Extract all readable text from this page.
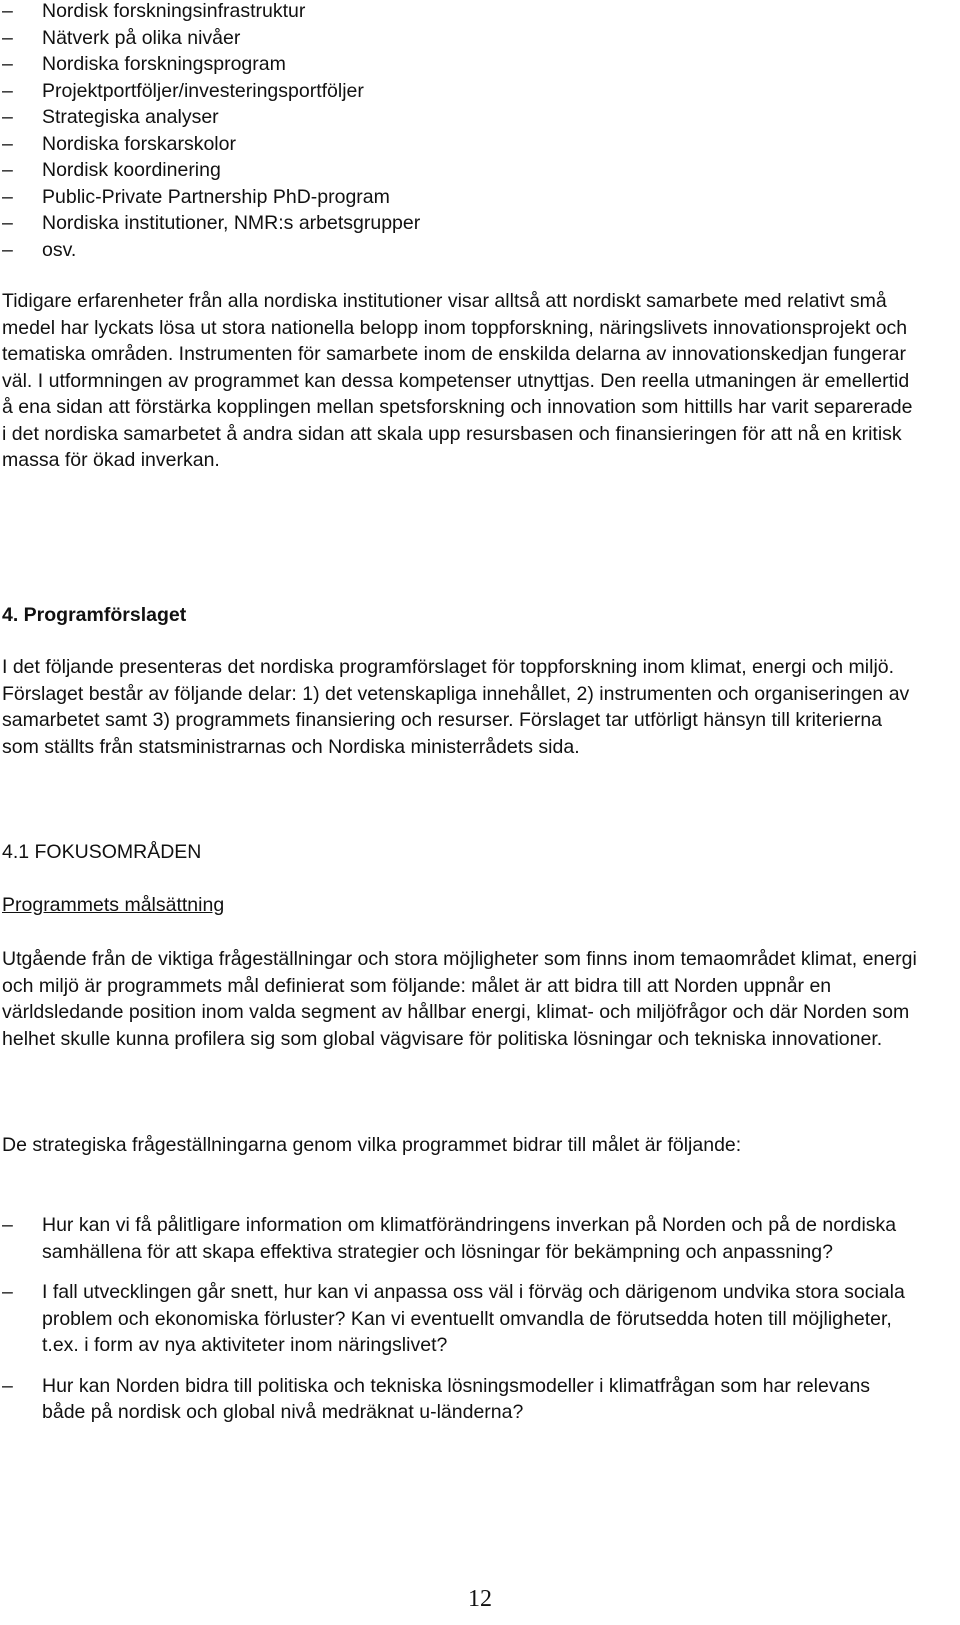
–	Nordisk forskningsinfrastruktur
–	Nätverk på olika nivåer
–	Nordiska forskningsprogram
–	Projektportföljer/investeringsportföljer
–	Strategiska analyser
–	Nordiska forskarskolor
–	Nordisk koordinering
–	Public-Private Partnership PhD-program
–	Nordiska institutioner, NMR:s arbetsgrupper
–	osv.

Tidigare erfarenheter från alla nordiska institutioner visar alltså att nordiskt samarbete med relativt små medel har lyckats lösa ut stora nationella belopp inom toppforskning, näringslivets innovationsprojekt och tematiska områden. Instrumenten för samarbete inom de enskilda delarna av innovationskedjan fungerar väl. I utformningen av programmet kan dessa kompetenser utnyttjas. Den reella utmaningen är emellertid å ena sidan att förstärka kopplingen mellan spetsforskning och innovation som hittills har varit separerade i det nordiska samarbetet å andra sidan att skala upp resursbasen och finansieringen för att nå en kritisk massa för ökad inverkan.

4. Programförslaget

I det följande presenteras det nordiska programförslaget för toppforskning inom klimat, energi och miljö. Förslaget består av följande delar: 1) det vetenskapliga innehållet, 2) instrumenten och organiseringen av samarbetet samt 3) programmets finansiering och resurser. Förslaget tar utförligt hänsyn till kriterierna som ställts från statsministrarnas och Nordiska ministerrådets sida.

4.1 FOKUSOMRÅDEN

Programmets målsättning

Utgående från de viktiga frågeställningar och stora möjligheter som finns inom temaområdet klimat, energi och miljö är programmets mål definierat som följande: målet är att bidra till att Norden uppnår en världsledande position inom valda segment av hållbar energi, klimat- och miljöfrågor och där Norden som helhet skulle kunna profilera sig som global vägvisare för politiska lösningar och tekniska innovationer.

De strategiska frågeställningarna genom vilka programmet bidrar till målet är följande:

–	Hur kan vi få pålitligare information om klimatförändringens inverkan på Norden och på de nordiska samhällena för att skapa effektiva strategier och lösningar för bekämpning och anpassning?
–	I fall utvecklingen går snett, hur kan vi anpassa oss väl i förväg och därigenom undvika stora sociala problem och ekonomiska förluster? Kan vi eventuellt omvandla de förutsedda hoten till möjligheter, t.ex. i form av nya aktiviteter inom näringslivet?
–	Hur kan Norden bidra till politiska och tekniska lösningsmodeller i klimatfrågan som har relevans både på nordisk och global nivå medräknat u-länderna?
12
